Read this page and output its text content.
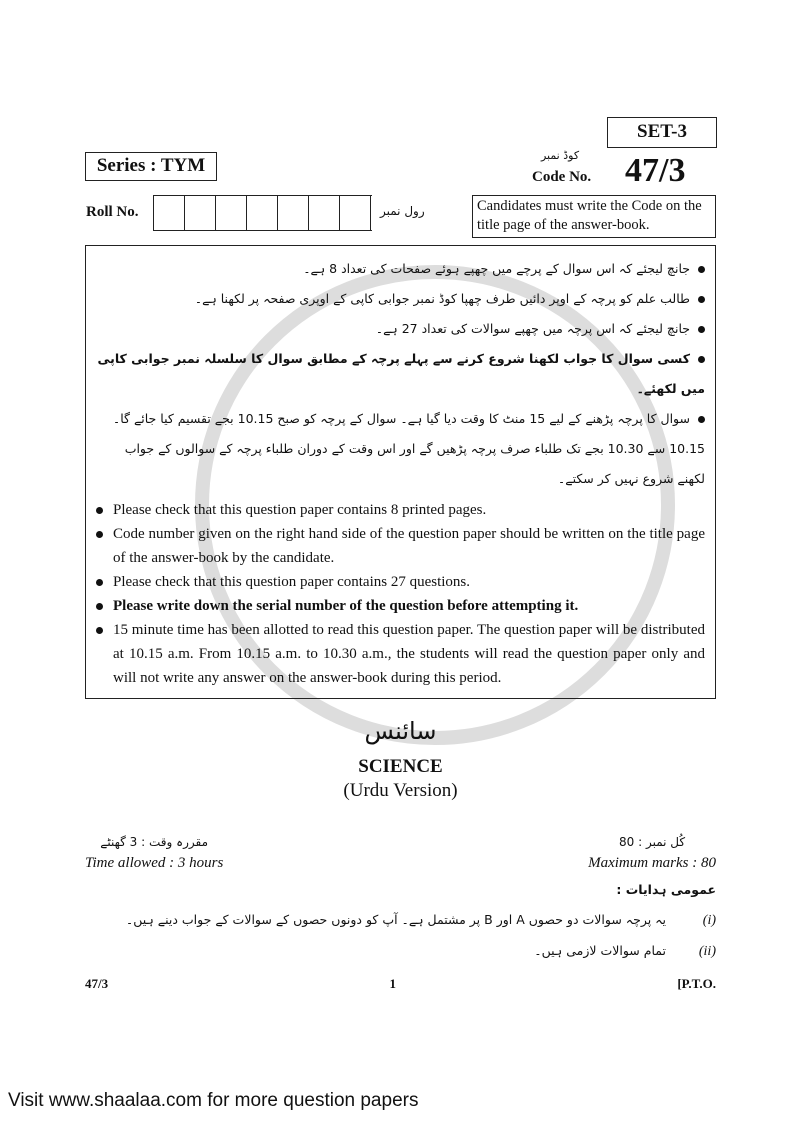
SET-3
Series : TYM	کوڈ نمبر
Code No. 47/3
Roll No.	رول نمبر	Candidates must write the Code on the title page of the answer-book.
جانچ لیجئے کہ اس سوال کے پرچے میں چھپے ہوئے صفحات کی تعداد 8 ہے۔
طالب علم کو پرچہ کے اوپر دائیں طرف چھپا کوڈ نمبر جوابی کاپی کے اوپری صفحہ پر لکھنا ہے۔
جانچ لیجئے کہ اس پرچہ میں چھپے سوالات کی تعداد 27 ہے۔
کسی سوال کا جواب لکھنا شروع کرنے سے پہلے پرچہ کے مطابق سوال کا سلسلہ نمبر جوابی کاپی میں لکھئے۔
سوال کا پرچہ پڑھنے کے لیے 15 منٹ کا وقت دیا گیا ہے۔ سوال کے پرچہ کو صبح 10.15 بجے تقسیم کیا جائے گا۔ 10.15 سے 10.30 بجے تک طلباء صرف پرچہ پڑھیں گے اور اس وقت کے دوران طلباء پرچہ کے سوالوں کے جواب لکھنے شروع نہیں کر سکتے۔
Please check that this question paper contains 8 printed pages.
Code number given on the right hand side of the question paper should be written on the title page of the answer-book by the candidate.
Please check that this question paper contains 27 questions.
Please write down the serial number of the question before attempting it.
15 minute time has been allotted to read this question paper. The question paper will be distributed at 10.15 a.m. From 10.15 a.m. to 10.30 a.m., the students will read the question paper only and will not write any answer on the answer-book during this period.
سائنس
SCIENCE
(Urdu Version)
مقررہ وقت : 3 گھنٹے
Time allowed : 3 hours
کُل نمبر : 80
Maximum marks : 80
عمومی ہدایات :
(i)یہ پرچہ سوالات دو حصوں A اور B پر مشتمل ہے۔ آپ کو دونوں حصوں کے سوالات کے جواب دینے ہیں۔
(ii)تمام سوالات لازمی ہیں۔
47/3	1	[P.T.O.
Visit www.shaalaa.com for more question papers
